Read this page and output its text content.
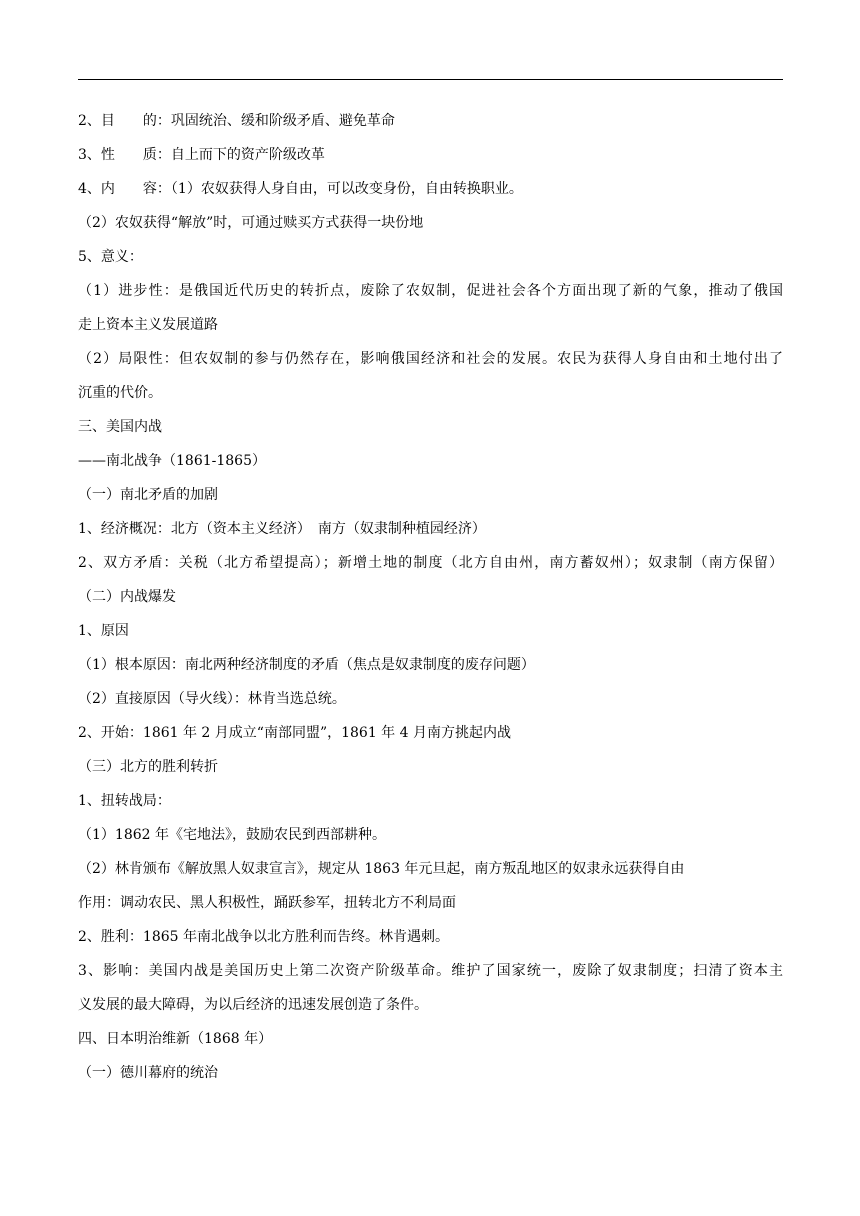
2、目　　的：巩固统治、缓和阶级矛盾、避免革命
3、性　　质：自上而下的资产阶级改革
4、内　　容：（1）农奴获得人身自由，可以改变身份，自由转换职业。
（2）农奴获得“解放”时，可通过赎买方式获得一块份地
5、意义：
（1）进步性：是俄国近代历史的转折点，废除了农奴制，促进社会各个方面出现了新的气象，推动了俄国
走上资本主义发展道路
（2）局限性：但农奴制的参与仍然存在，影响俄国经济和社会的发展。农民为获得人身自由和土地付出了
沉重的代价。
三、美国内战
——南北战争（1861-1865）
（一）南北矛盾的加剧
1、经济概况：北方（资本主义经济）　南方（奴隶制种植园经济）
2、双方矛盾：关税（北方希望提高）；新增土地的制度（北方自由州，南方蓄奴州）；奴隶制（南方保留）
（二）内战爆发
1、原因
（1）根本原因：南北两种经济制度的矛盾（焦点是奴隶制度的废存问题）
（2）直接原因（导火线）：林肯当选总统。
2、开始：1861 年 2 月成立“南部同盟”，1861 年 4 月南方挑起内战
（三）北方的胜利转折
1、扭转战局：
（1）1862 年《宅地法》，鼓励农民到西部耕种。
（2）林肯颁布《解放黑人奴隶宣言》，规定从 1863 年元旦起，南方叛乱地区的奴隶永远获得自由
作用：调动农民、黑人积极性，踊跃参军，扭转北方不利局面
2、胜利：1865 年南北战争以北方胜利而告终。林肯遇刺。
3、影响：美国内战是美国历史上第二次资产阶级革命。维护了国家统一，废除了奴隶制度；扫清了资本主
义发展的最大障碍，为以后经济的迅速发展创造了条件。
四、日本明治维新（1868 年）
（一）德川幕府的统治
